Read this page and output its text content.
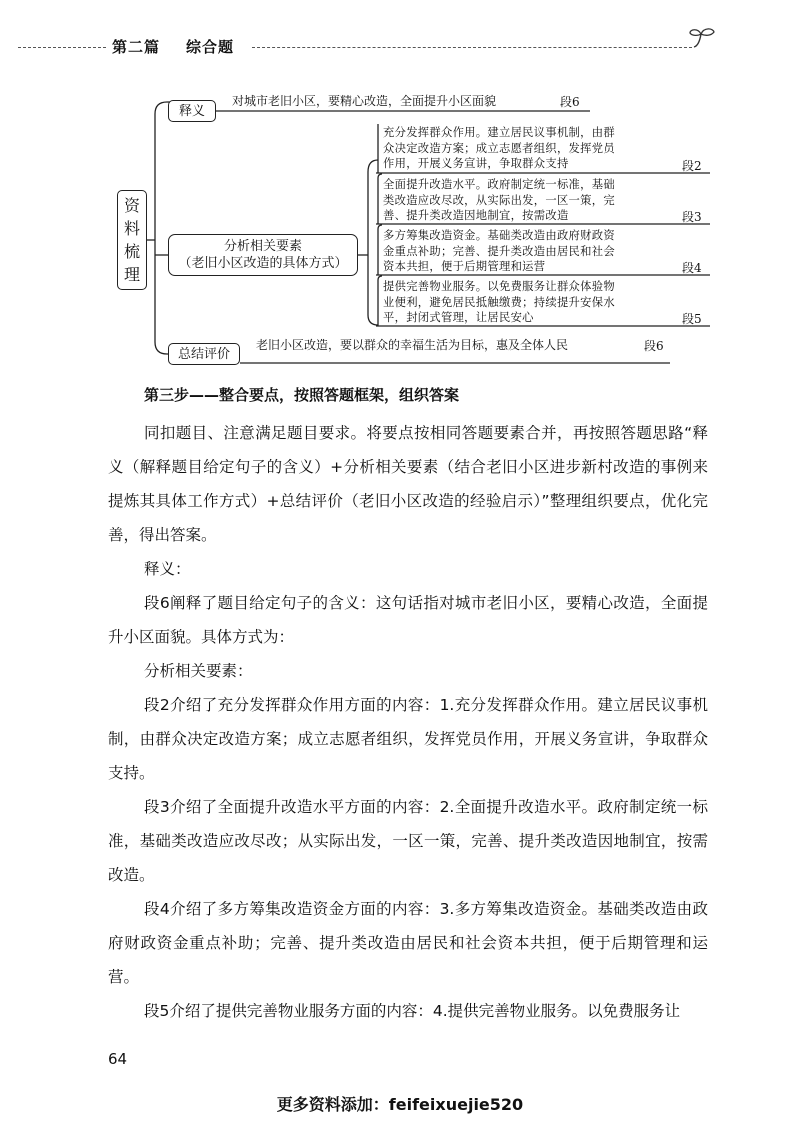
第二篇 综合题
资
料
梳
理
释义
对城市老旧小区，要精心改造，全面提升小区面貌	段6
分析相关要素
（老旧小区改造的具体方式）
充分发挥群众作用。建立居民议事机制，由群
众决定改造方案；成立志愿者组织，发挥党员
作用，开展义务宣讲，争取群众支持	段2
全面提升改造水平。政府制定统一标准，基础
类改造应改尽改，从实际出发，一区一策，完
善、提升类改造因地制宜，按需改造	段3
多方筹集改造资金。基础类改造由政府财政资
金重点补助；完善、提升类改造由居民和社会
资本共担，便于后期管理和运营	段4
提供完善物业服务。以免费服务让群众体验物
业便利，避免居民抵触缴费；持续提升安保水
平，封闭式管理，让居民安心	段5
总结评价
老旧小区改造，要以群众的幸福生活为目标，惠及全体人民	段6
第三步——整合要点，按照答题框架，组织答案
同扣题目、注意满足题目要求。将要点按相同答题要素合并，再按照答题思路“释义（解释题目给定句子的含义）+分析相关要素（结合老旧小区进步新村改造的事例来提炼其具体工作方式）+总结评价（老旧小区改造的经验启示）”整理组织要点，优化完善，得出答案。
释义：
段6阐释了题目给定句子的含义：这句话指对城市老旧小区，要精心改造，全面提升小区面貌。具体方式为：
分析相关要素：
段2介绍了充分发挥群众作用方面的内容：1.充分发挥群众作用。建立居民议事机制，由群众决定改造方案；成立志愿者组织，发挥党员作用，开展义务宣讲，争取群众支持。
段3介绍了全面提升改造水平方面的内容：2.全面提升改造水平。政府制定统一标准，基础类改造应改尽改；从实际出发，一区一策，完善、提升类改造因地制宜，按需改造。
段4介绍了多方筹集改造资金方面的内容：3.多方筹集改造资金。基础类改造由政府财政资金重点补助；完善、提升类改造由居民和社会资本共担，便于后期管理和运营。
段5介绍了提供完善物业服务方面的内容：4.提供完善物业服务。以免费服务让
64
更多资料添加：feifeixuejie520
